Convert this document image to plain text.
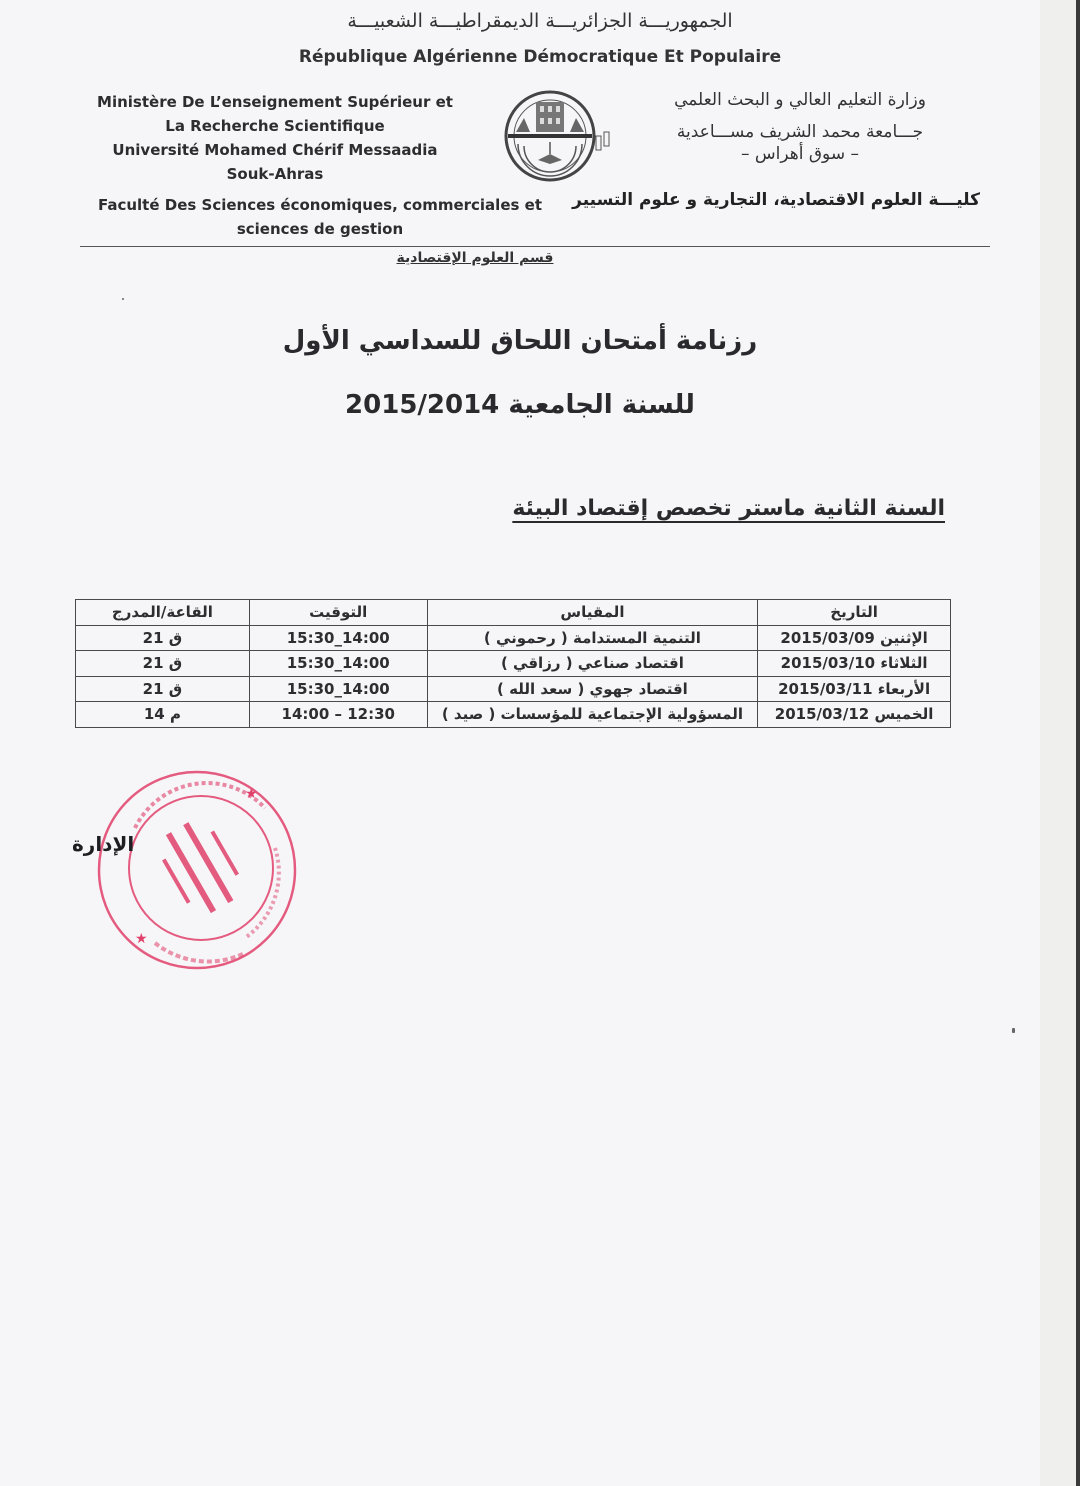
الجمهوريـــة الجزائريـــة الديمقراطيـــة الشعبيـــة
République Algérienne Démocratique Et Populaire
Ministère De L’enseignement Supérieur et
La Recherche Scientifique
Université Mohamed Chérif Messaadia
Souk-Ahras
Faculté Des Sciences économiques, commerciales et
sciences de gestion
وزارة التعليم العالي و البحث العلمي
جـــامعة محمد الشريف مســـاعدية
– سوق أهراس –
كليـــة العلوم الاقتصادية، التجارية و علوم التسيير
قسم العلوم الإقتصادية
رزنامة أمتحان اللحاق للسداسي الأول
للسنة الجامعية 2015/2014
السنة الثانية ماستر تخصص إقتصاد البيئة
التاريخ	المقياس	التوقيت	القاعة/المدرج
الإثنين 2015/03/09	التنمية المستدامة ( رحموني )	15:30_14:00	ق 21
الثلاثاء 2015/03/10	اقتصاد صناعي ( رزاقي )	15:30_14:00	ق 21
الأربعاء 2015/03/11	اقتصاد جهوي ( سعد الله )	15:30_14:00	ق 21
الخميس 2015/03/12	المسؤولية الإجتماعية للمؤسسات ( صيد )	14:00 – 12:30	م 14
★
★
الإدارة
